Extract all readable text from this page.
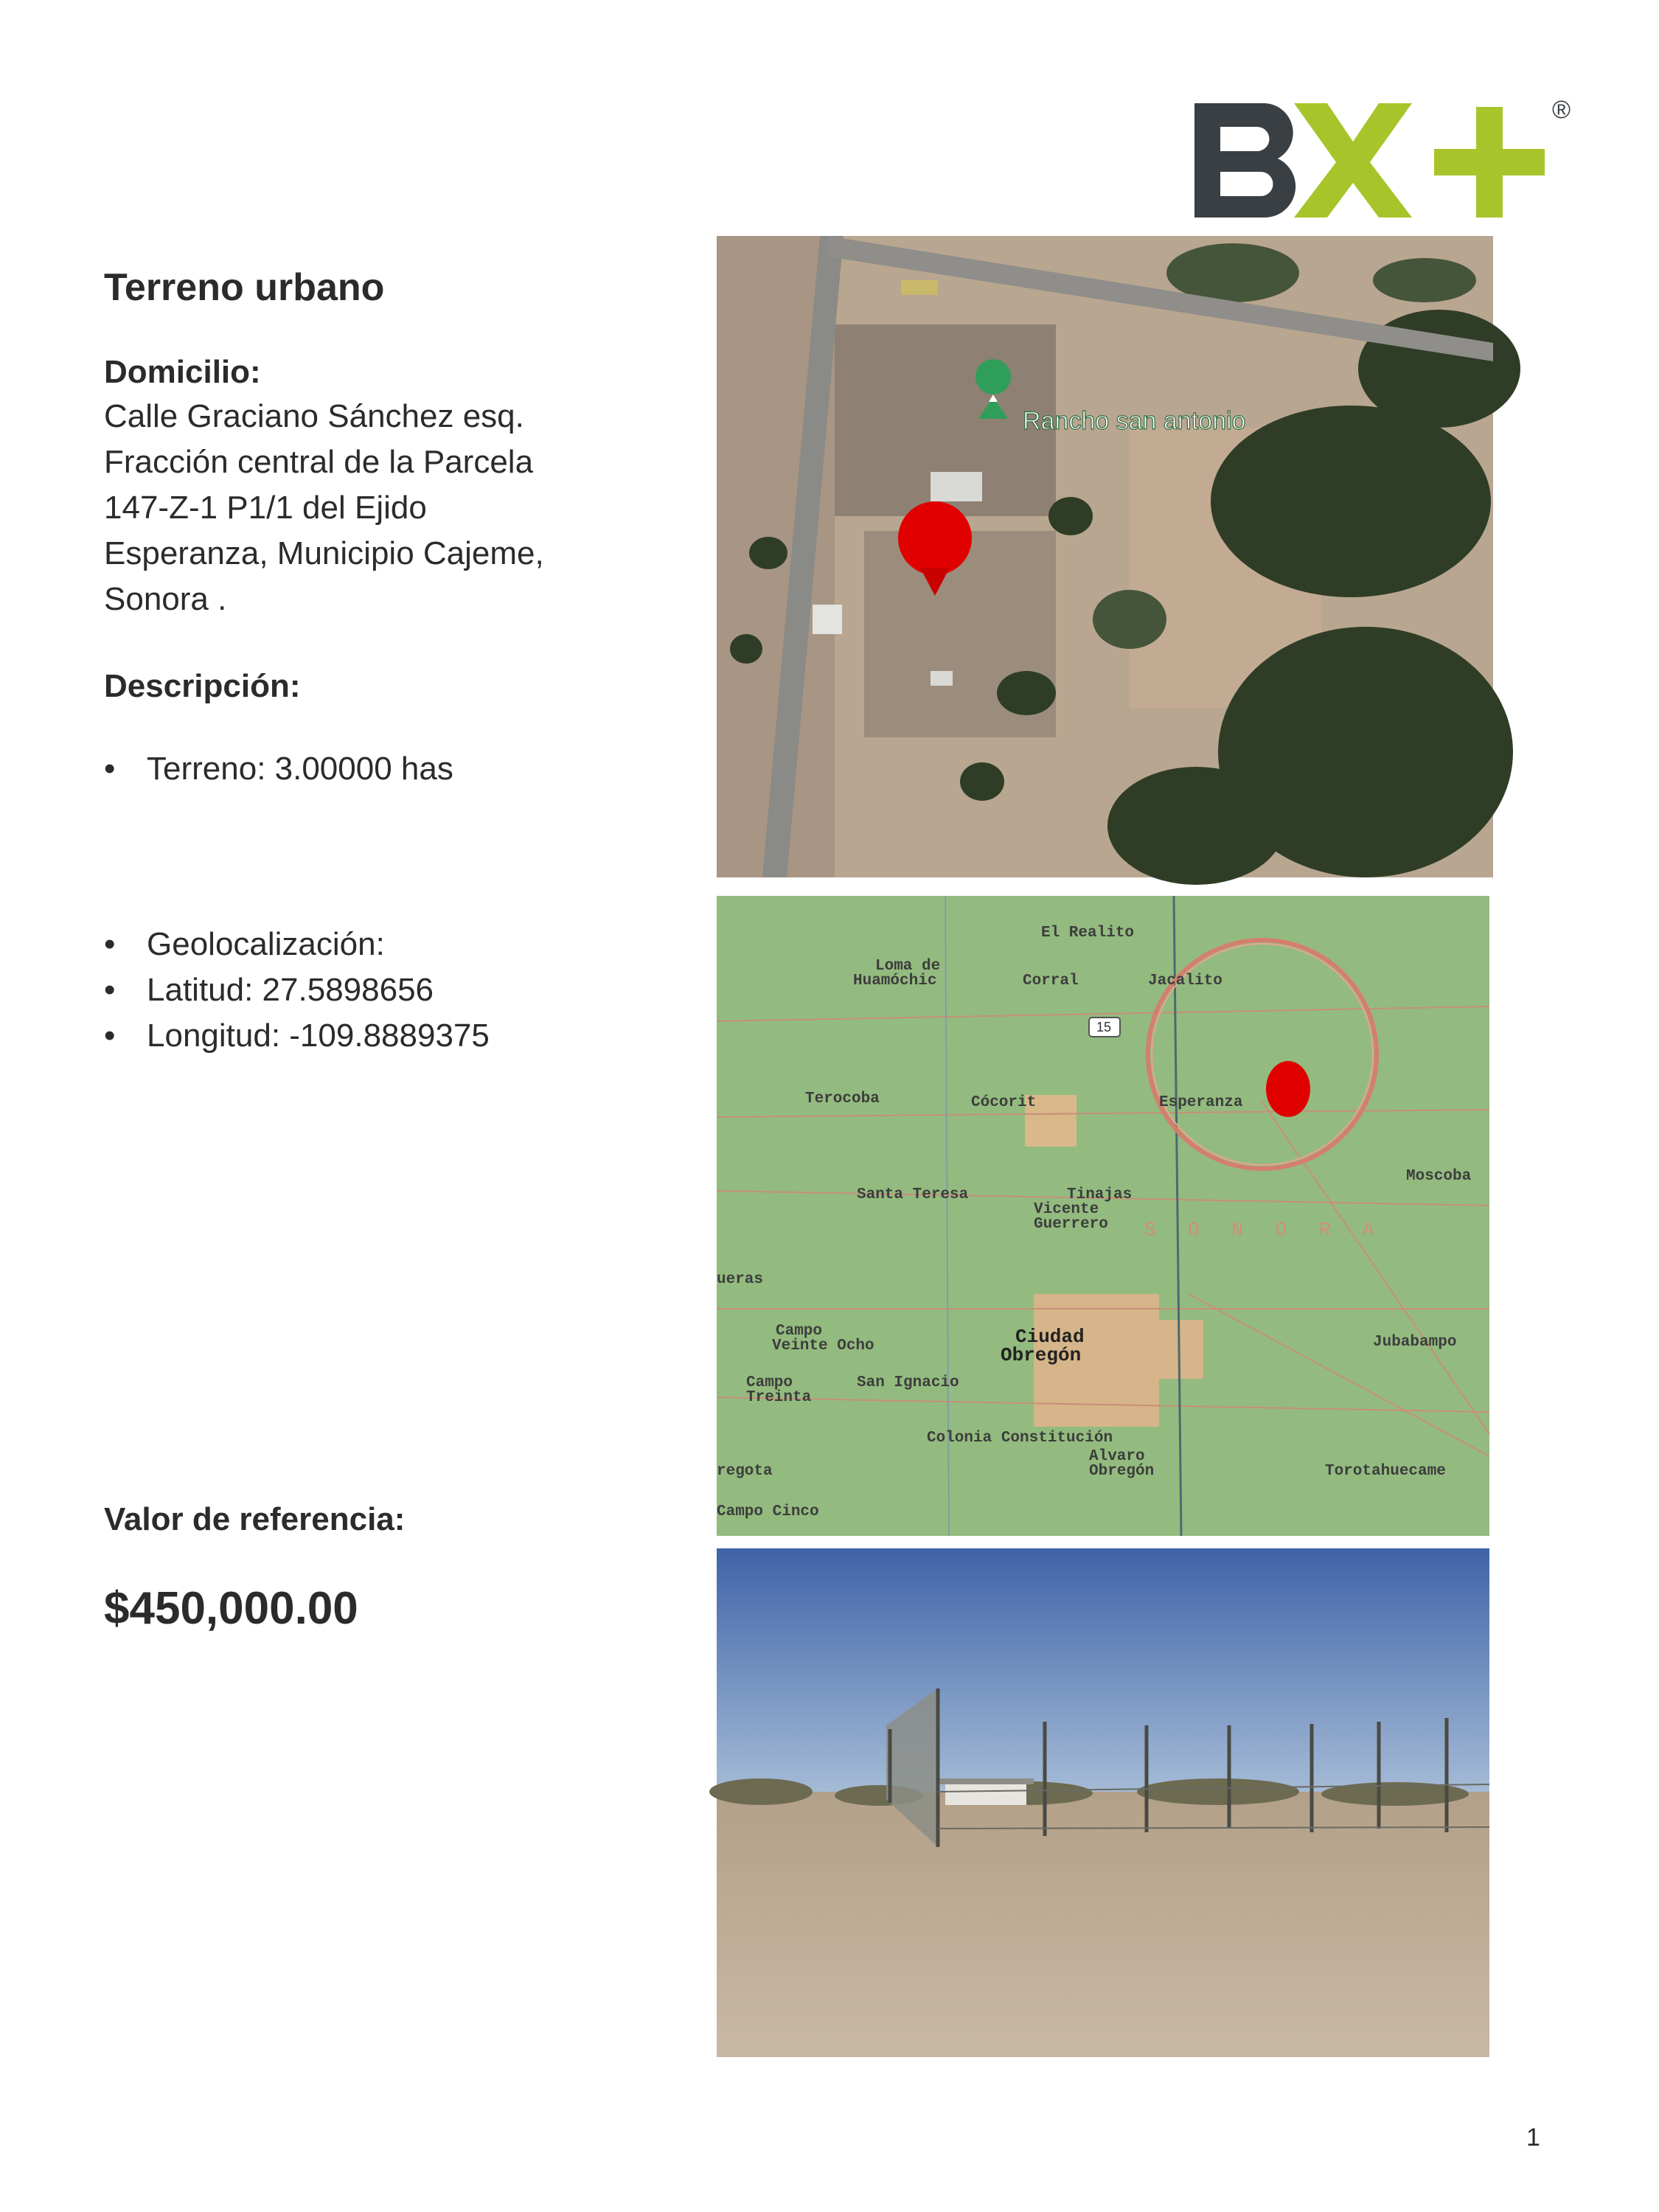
®
Terreno urbano

Domicilio:

Calle Graciano Sánchez esq.
Fracción central de la Parcela
147-Z-1 P1/1 del Ejido
Esperanza, Municipio Cajeme,
Sonora .

Descripción:

• Terreno: 3.00000 has
• Geolocalización:
• Latitud: 27.5898656
• Longitud: -109.8889375

Valor de referencia:

$450,000.00

Rancho san antonio
15
El Realito
Loma de
Huamóchic	Corral	Jacalito
Terocoba	Cócorit	Esperanza
Santa Teresa	Tinajas
Vicente
Guerrero
Campo
Veinte Ocho	Ciudad
Obregón
Campo
Treinta
San Ignacio
Colonia Constitución
Alvaro
Obregón	Torotahuecame
Jubabampo
Moscoba
Campo Cinco
regota
ueras
S O N O R A
1
